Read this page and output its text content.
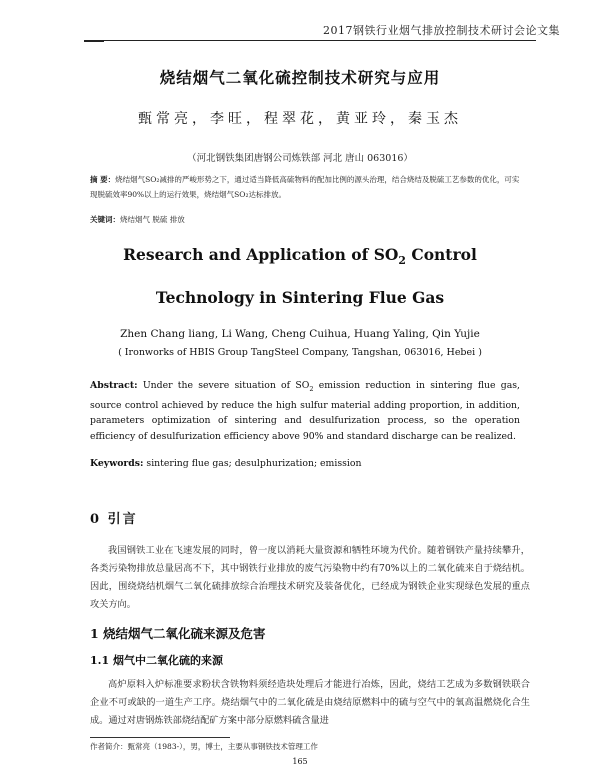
2017钢铁行业烟气排放控制技术研讨会论文集
烧结烟气二氧化硫控制技术研究与应用
甄常亮，李旺，程翠花，黄亚玲，秦玉杰
（河北钢铁集团唐钢公司炼铁部 河北 唐山 063016）
摘 要：烧结烟气SO₂减排的严峻形势之下，通过适当降低高硫物料的配加比例的源头治理，结合烧结及脱硫工艺参数的优化，可实现脱硫效率90%以上的运行效果，烧结烟气SO₂达标排放。
关键词：烧结烟气 脱硫 排放
Research and Application of $SO_2$ Control
Technology in Sintering Flue Gas
Zhen Chang liang, Li Wang, Cheng Cuihua, Huang Yaling, Qin Yujie
( Ironworks of HBIS Group TangSteel Company, Tangshan, 063016, Hebei )
Abstract: Under the severe situation of $SO_2$ emission reduction in sintering flue gas, source control achieved by reduce the high sulfur material adding proportion, in addition, parameters optimization of sintering and desulfurization process, so the operation efficiency of desulfurization efficiency above 90% and standard discharge can be realized.
Keywords: sintering flue gas; desulphurization; emission
0 引言
我国钢铁工业在飞速发展的同时，曾一度以消耗大量资源和牺牲环境为代价。随着钢铁产量持续攀升，各类污染物排放总量居高不下，其中钢铁行业排放的废气污染物中约有70%以上的二氧化硫来自于烧结机。因此，围绕烧结机烟气二氧化硫排放综合治理技术研究及装备优化，已经成为钢铁企业实现绿色发展的重点攻关方向。
1 烧结烟气二氧化硫来源及危害
1.1 烟气中二氧化硫的来源
高炉原料入炉标准要求粉状含铁物料须经造块处理后才能进行冶炼，因此，烧结工艺成为多数钢铁联合企业不可或缺的一道生产工序。烧结烟气中的二氧化硫是由烧结原燃料中的硫与空气中的氧高温燃烧化合生成。通过对唐钢炼铁部烧结配矿方案中部分原燃料硫含量进
作者简介：甄常亮（1983-），男，博士，主要从事钢铁技术管理工作
165
